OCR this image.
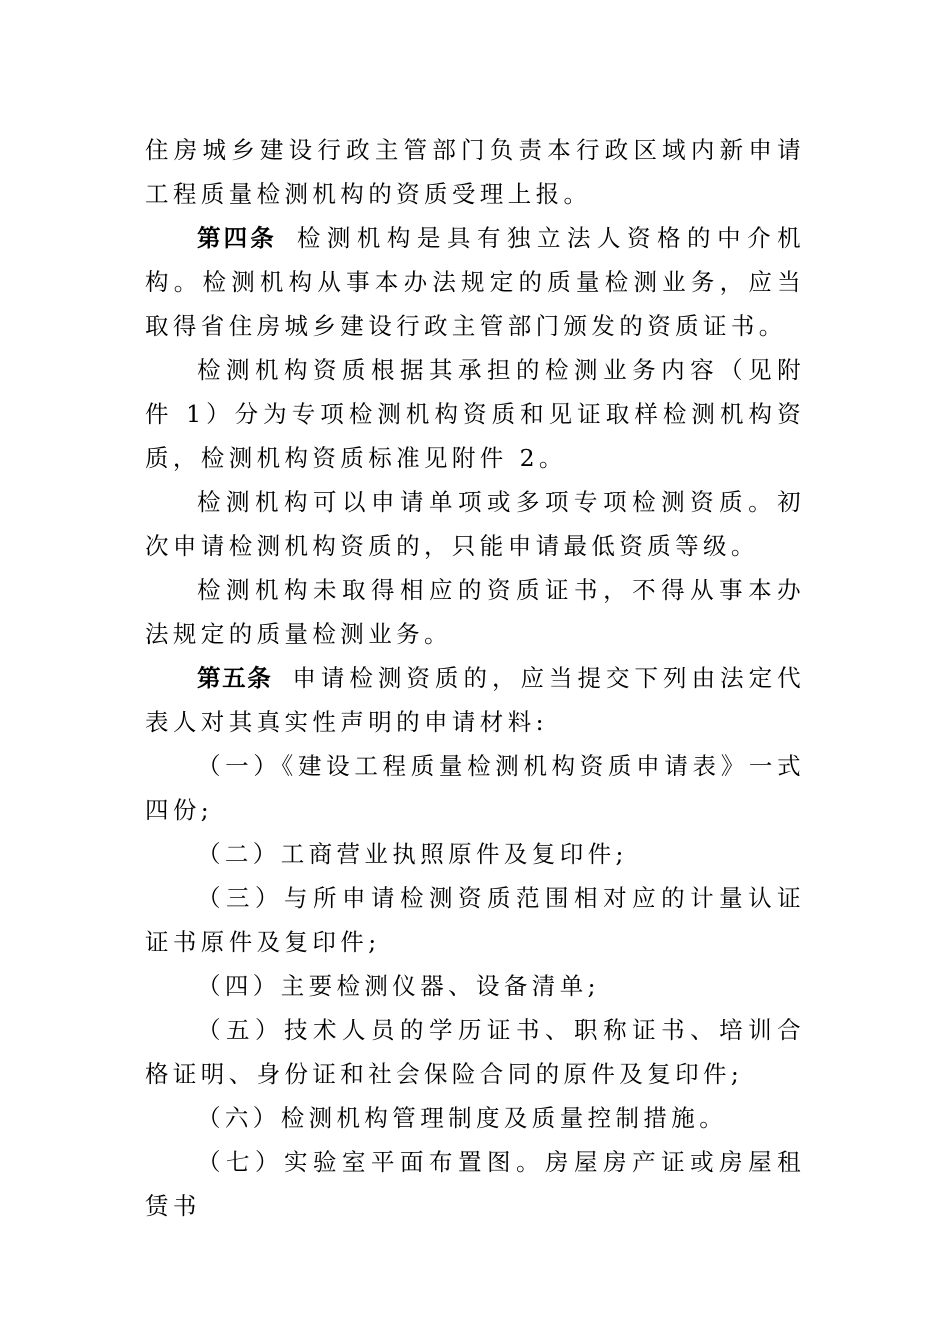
住房城乡建设行政主管部门负责本行政区域内新申请工程质量检测机构的资质受理上报。

第四条 检测机构是具有独立法人资格的中介机构。检测机构从事本办法规定的质量检测业务，应当取得省住房城乡建设行政主管部门颁发的资质证书。

检测机构资质根据其承担的检测业务内容（见附件 1）分为专项检测机构资质和见证取样检测机构资质，检测机构资质标准见附件 2。

检测机构可以申请单项或多项专项检测资质。初次申请检测机构资质的，只能申请最低资质等级。

检测机构未取得相应的资质证书，不得从事本办法规定的质量检测业务。

第五条 申请检测资质的，应当提交下列由法定代表人对其真实性声明的申请材料:

（一）《建设工程质量检测机构资质申请表》一式四份;

（二）工商营业执照原件及复印件;

（三）与所申请检测资质范围相对应的计量认证证书原件及复印件;

（四）主要检测仪器、设备清单;

（五）技术人员的学历证书、职称证书、培训合格证明、身份证和社会保险合同的原件及复印件;

（六）检测机构管理制度及质量控制措施。

（七）实验室平面布置图。房屋房产证或房屋租赁书
